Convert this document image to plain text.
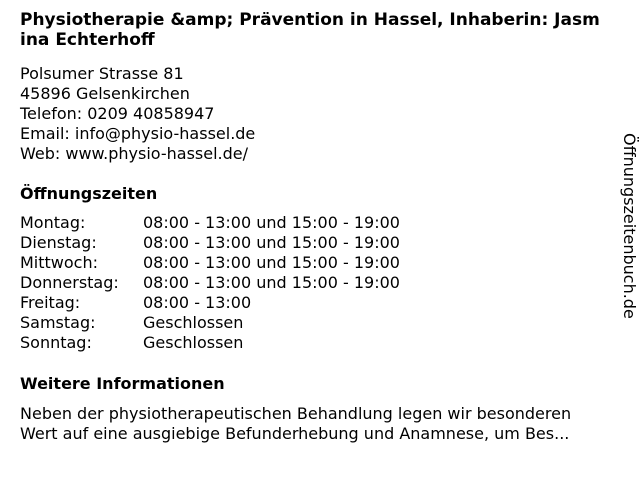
Physiotherapie &amp; Prävention in Hassel, Inhaberin: Jasmina Echterhoff
Polsumer Strasse 81
45896 Gelsenkirchen
Telefon: 0209 40858947
Email: info@physio-hassel.de
Web: www.physio-hassel.de/
Öffnungszeiten
Montag:	08:00 - 13:00 und 15:00 - 19:00
Dienstag:	08:00 - 13:00 und 15:00 - 19:00
Mittwoch:	08:00 - 13:00 und 15:00 - 19:00
Donnerstag:	08:00 - 13:00 und 15:00 - 19:00
Freitag:	08:00 - 13:00
Samstag:	Geschlossen
Sonntag:	Geschlossen
Weitere Informationen
Neben der physiotherapeutischen Behandlung legen wir besonderen
Wert auf eine ausgiebige Befunderhebung und Anamnese, um Bes...
Öffnungszeitenbuch.de
